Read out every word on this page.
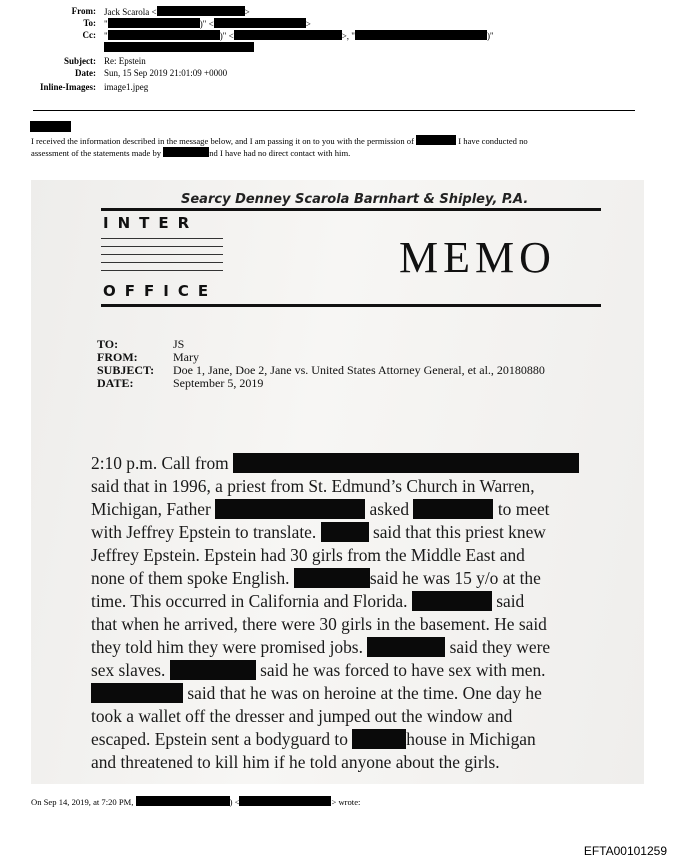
From: Jack Scarola <	>
To: "	)" <	>
Cc: "	)" <	>, "	)"
Subject: Re: Epstein
Date: Sun, 15 Sep 2019 21:01:09 +0000
Inline-Images: image1.jpeg
I received the information described in the message below, and I am passing it on to you with the permission of	I have conducted no
assessment of the statements made by	nd I have had no direct contact with him.
Searcy Denney Scarola Barnhart & Shipley, P.A.
INTER
MEMO
OFFICE
TO:	JS
FROM:	Mary
SUBJECT: Doe 1, Jane, Doe 2, Jane vs. United States Attorney General, et al., 20180880
DATE:	September 5, 2019
2:10 p.m. Call from
said that in 1996, a priest from St. Edmund’s Church in Warren,
Michigan, Father	asked	to meet
with Jeffrey Epstein to translate.	said that this priest knew
Jeffrey Epstein. Epstein had 30 girls from the Middle East and
none of them spoke English.	said he was 15 y/o at the
time. This occurred in California and Florida.	said
that when he arrived, there were 30 girls in the basement. He said
they told him they were promised jobs.	said they were
sex slaves.	said he was forced to have sex with men.
said that he was on heroine at the time. One day he
took a wallet off the dresser and jumped out the window and
escaped. Epstein sent a bodyguard to	house in Michigan
and threatened to kill him if he told anyone about the girls.
On Sep 14, 2019, at 7:20 PM,	) <	> wrote:
EFTA00101259
